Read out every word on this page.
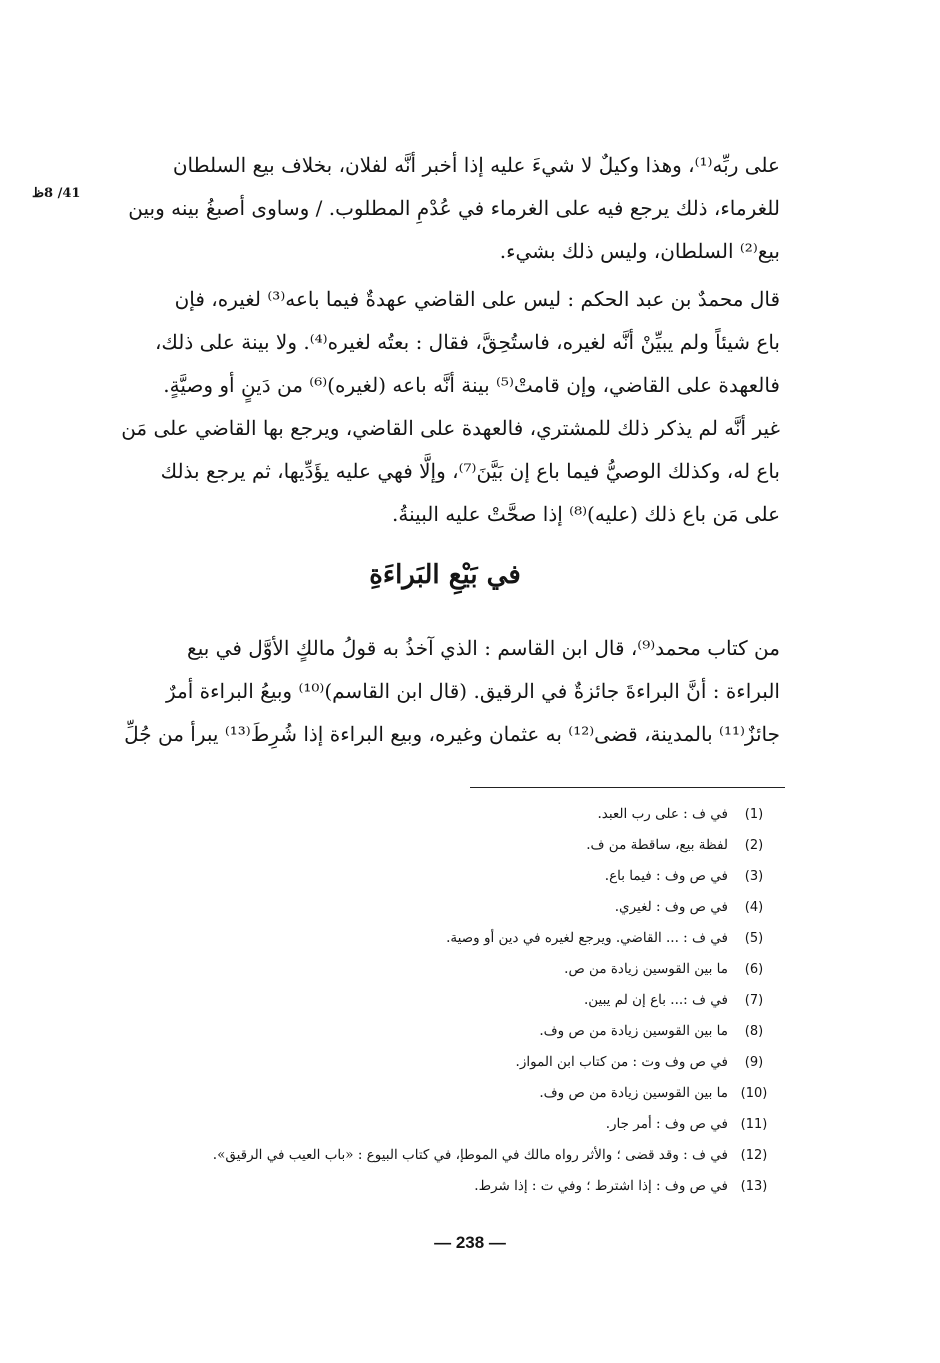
41/ 8ظ
على ربِّه⁽¹⁾، وهذا وكيلٌ لا شيءَ عليه إذا أخبر أنَّه لفلان، بخلاف بيع السلطان
للغرماء، ذلك يرجع فيه على الغرماء في عُدْمِ المطلوب. / وساوى أصبغُ بينه وبين
بيع⁽²⁾ السلطان، وليس ذلك بشيء.
قال محمدٌ بن عبد الحكم : ليس على القاضي عهدةٌ فيما باعه⁽³⁾ لغيره، فإن
باع شيئاً ولم يبيِّنْ أنَّه لغيره، فاستُحِقَّ، فقال : بعتُه لغيره⁽⁴⁾. ولا بينة على ذلك،
فالعهدة على القاضي، وإن قامتْ⁽⁵⁾ بينة أنَّه باعه (لغيره)⁽⁶⁾ من دَينٍ أو وصيَّةٍ.
غير أنَّه لم يذكر ذلك للمشتري، فالعهدة على القاضي، ويرجع بها القاضي على مَن
باع له، وكذلك الوصيُّ فيما باع إن بَيَّنَ⁽⁷⁾، وإلَّا فهي عليه يؤَدِّيها، ثم يرجع بذلك
على مَن باع ذلك (عليه)⁽⁸⁾ إذا صحَّتْ عليه البينةُ.
في بَيْعِ البَراءَةِ
من كتاب محمد⁽⁹⁾، قال ابن القاسم : الذي آخذُ به قولُ مالكٍ الأوَّل في بيع
البراءة : أنَّ البراءةَ جائزةٌ في الرقيق. (قال ابن القاسم)⁽¹⁰⁾ وبيعُ البراءة أمرٌ
جائزٌ⁽¹¹⁾ بالمدينة، قضى⁽¹²⁾ به عثمان وغيره، وبيع البراءة إذا شُرِطَ⁽¹³⁾ يبرأ من جُلِّ
(1)
في ف : على رب العبد.
(2)
لفظة بيع، ساقطة من ف.
(3)
في ص وف : فيما باع.
(4)
في ص وف : لغيري.
(5)
في ف : ... القاضي. ويرجع لغيره في دين أو وصية.
(6)
ما بين القوسين زيادة من ص.
(7)
في ف :... باع إن لم يبين.
(8)
ما بين القوسين زيادة من ص وف.
(9)
في ص وف وت : من كتاب ابن المواز.
(10)
ما بين القوسين زيادة من ص وف.
(11)
في ص وف : أمر جار.
(12)
في ف : وقد قضى ؛ والأثر رواه مالك في الموطإ، في كتاب البيوع : «باب العيب في الرقيق».
(13)
في ص وف : إذا اشترط ؛ وفي ت : إذا شرط.
— 238 —
